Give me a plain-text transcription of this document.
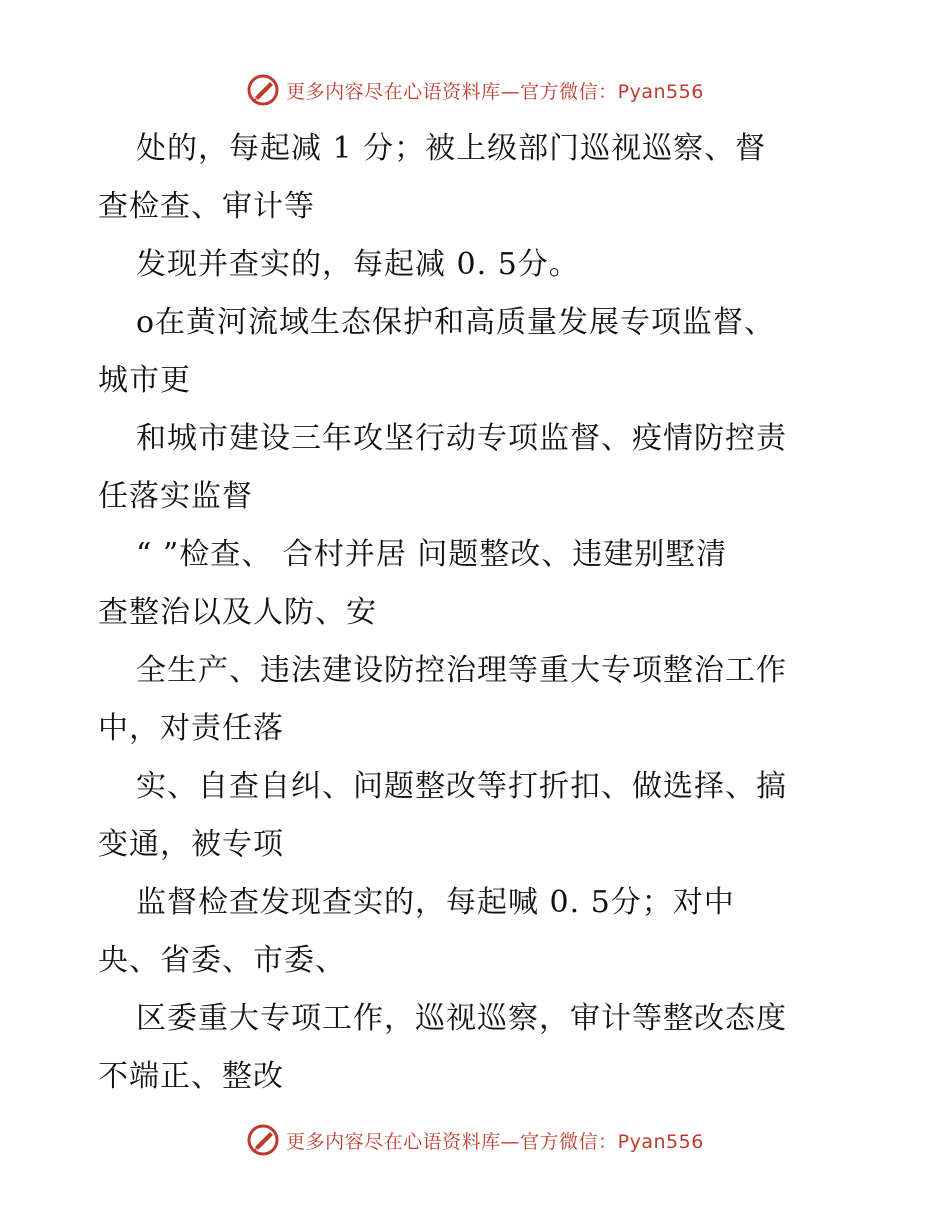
更多内容尽在心语资料库—官方微信：Pyan556
处的，每起减 1 分；被上级部门巡视巡察、督
查检查、审计等
发现并查实的，每起减 0. 5分。
o在黄河流域生态保护和高质量发展专项监督、
城市更
和城市建设三年攻坚行动专项监督、疫情防控责
任落实监督
“ ”检查、 合村并居 问题整改、违建别墅清
查整治以及人防、安
全生产、违法建设防控治理等重大专项整治工作
中，对责任落
实、自查自纠、问题整改等打折扣、做选择、搞
变通，被专项
监督检查发现查实的，每起喊 0. 5分；对中
央、省委、市委、
区委重大专项工作，巡视巡察，审计等整改态度
不端正、整改
更多内容尽在心语资料库—官方微信：Pyan556
